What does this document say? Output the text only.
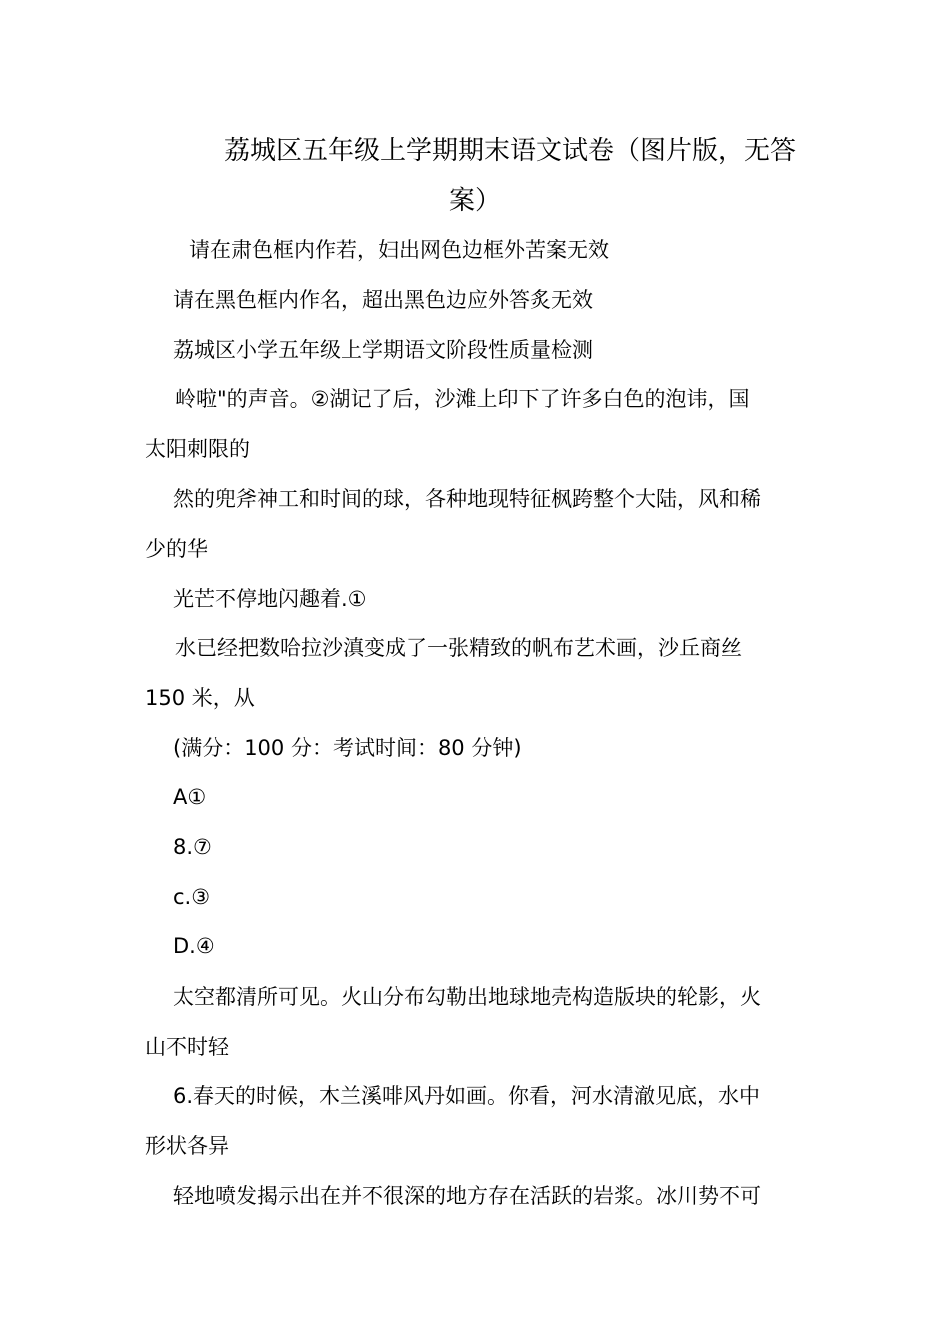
荔城区五年级上学期期末语文试卷（图片版，无答
案）
请在肃色框内作若，妇出网色边框外苦案无效
请在黑色框内作名，超出黑色边应外答炙无效
荔城区小学五年级上学期语文阶段性质量检测
岭啦"的声音。②湖记了后，沙滩上印下了许多白色的泡讳，国
太阳刺限的
然的兜斧神工和时间的球，各种地现特征枫跨整个大陆，风和稀
少的华
光芒不停地闪趣着.①
水已经把数哈拉沙滇变成了一张精致的帆布艺术画，沙丘商丝
150 米，从
(满分：100 分：考试时间：80 分钟)
A①
8.⑦
c.③
D.④
太空都清所可见。火山分布勾勒出地球地壳构造版块的轮影，火
山不时轻
6.春天的时候，木兰溪啡风丹如画。你看，河水清澈见底，水中
形状各异
轻地喷发揭示出在并不很深的地方存在活跃的岩浆。冰川势不可
